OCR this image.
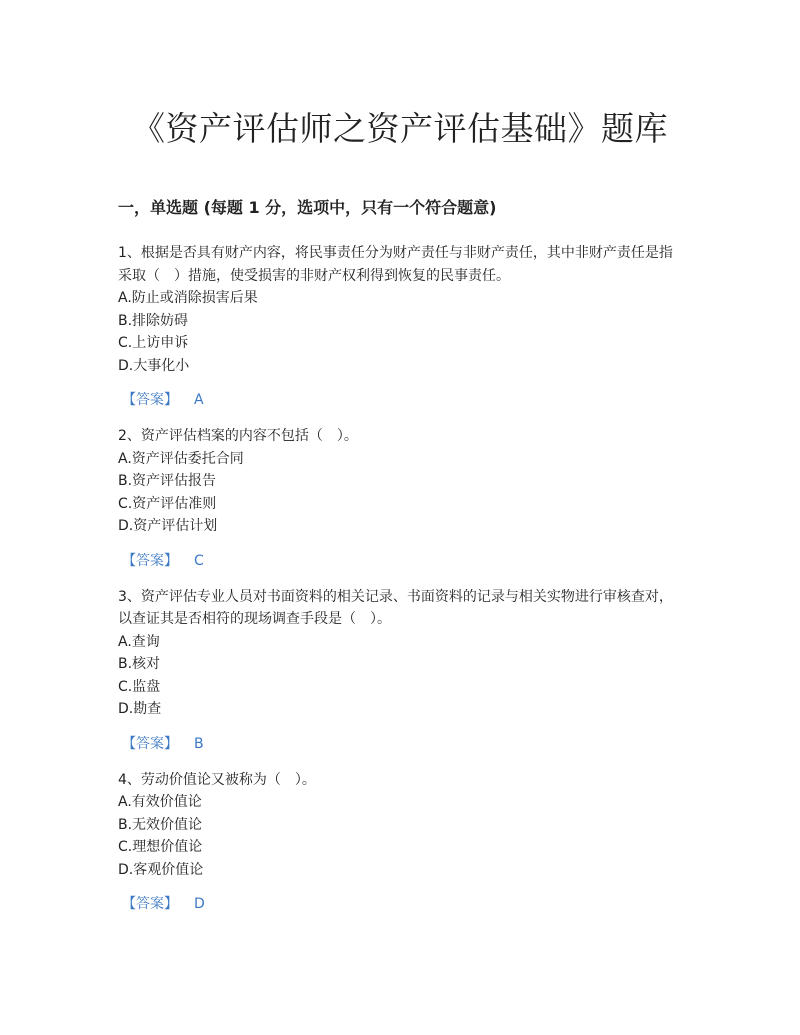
《资产评估师之资产评估基础》题库
一，单选题 (每题 1 分，选项中，只有一个符合题意)

1、根据是否具有财产内容，将民事责任分为财产责任与非财产责任，其中非财产责任是指采取（　）措施，使受损害的非财产权利得到恢复的民事责任。

A.防止或消除损害后果

B.排除妨碍

C.上访申诉

D.大事化小

【答案】 A

2、资产评估档案的内容不包括（　）。

A.资产评估委托合同

B.资产评估报告

C.资产评估准则

D.资产评估计划

【答案】 C

3、资产评估专业人员对书面资料的相关记录、书面资料的记录与相关实物进行审核查对，以查证其是否相符的现场调查手段是（　）。

A.查询

B.核对

C.监盘

D.勘查

【答案】 B

4、劳动价值论又被称为（　）。

A.有效价值论

B.无效价值论

C.理想价值论

D.客观价值论

【答案】 D
